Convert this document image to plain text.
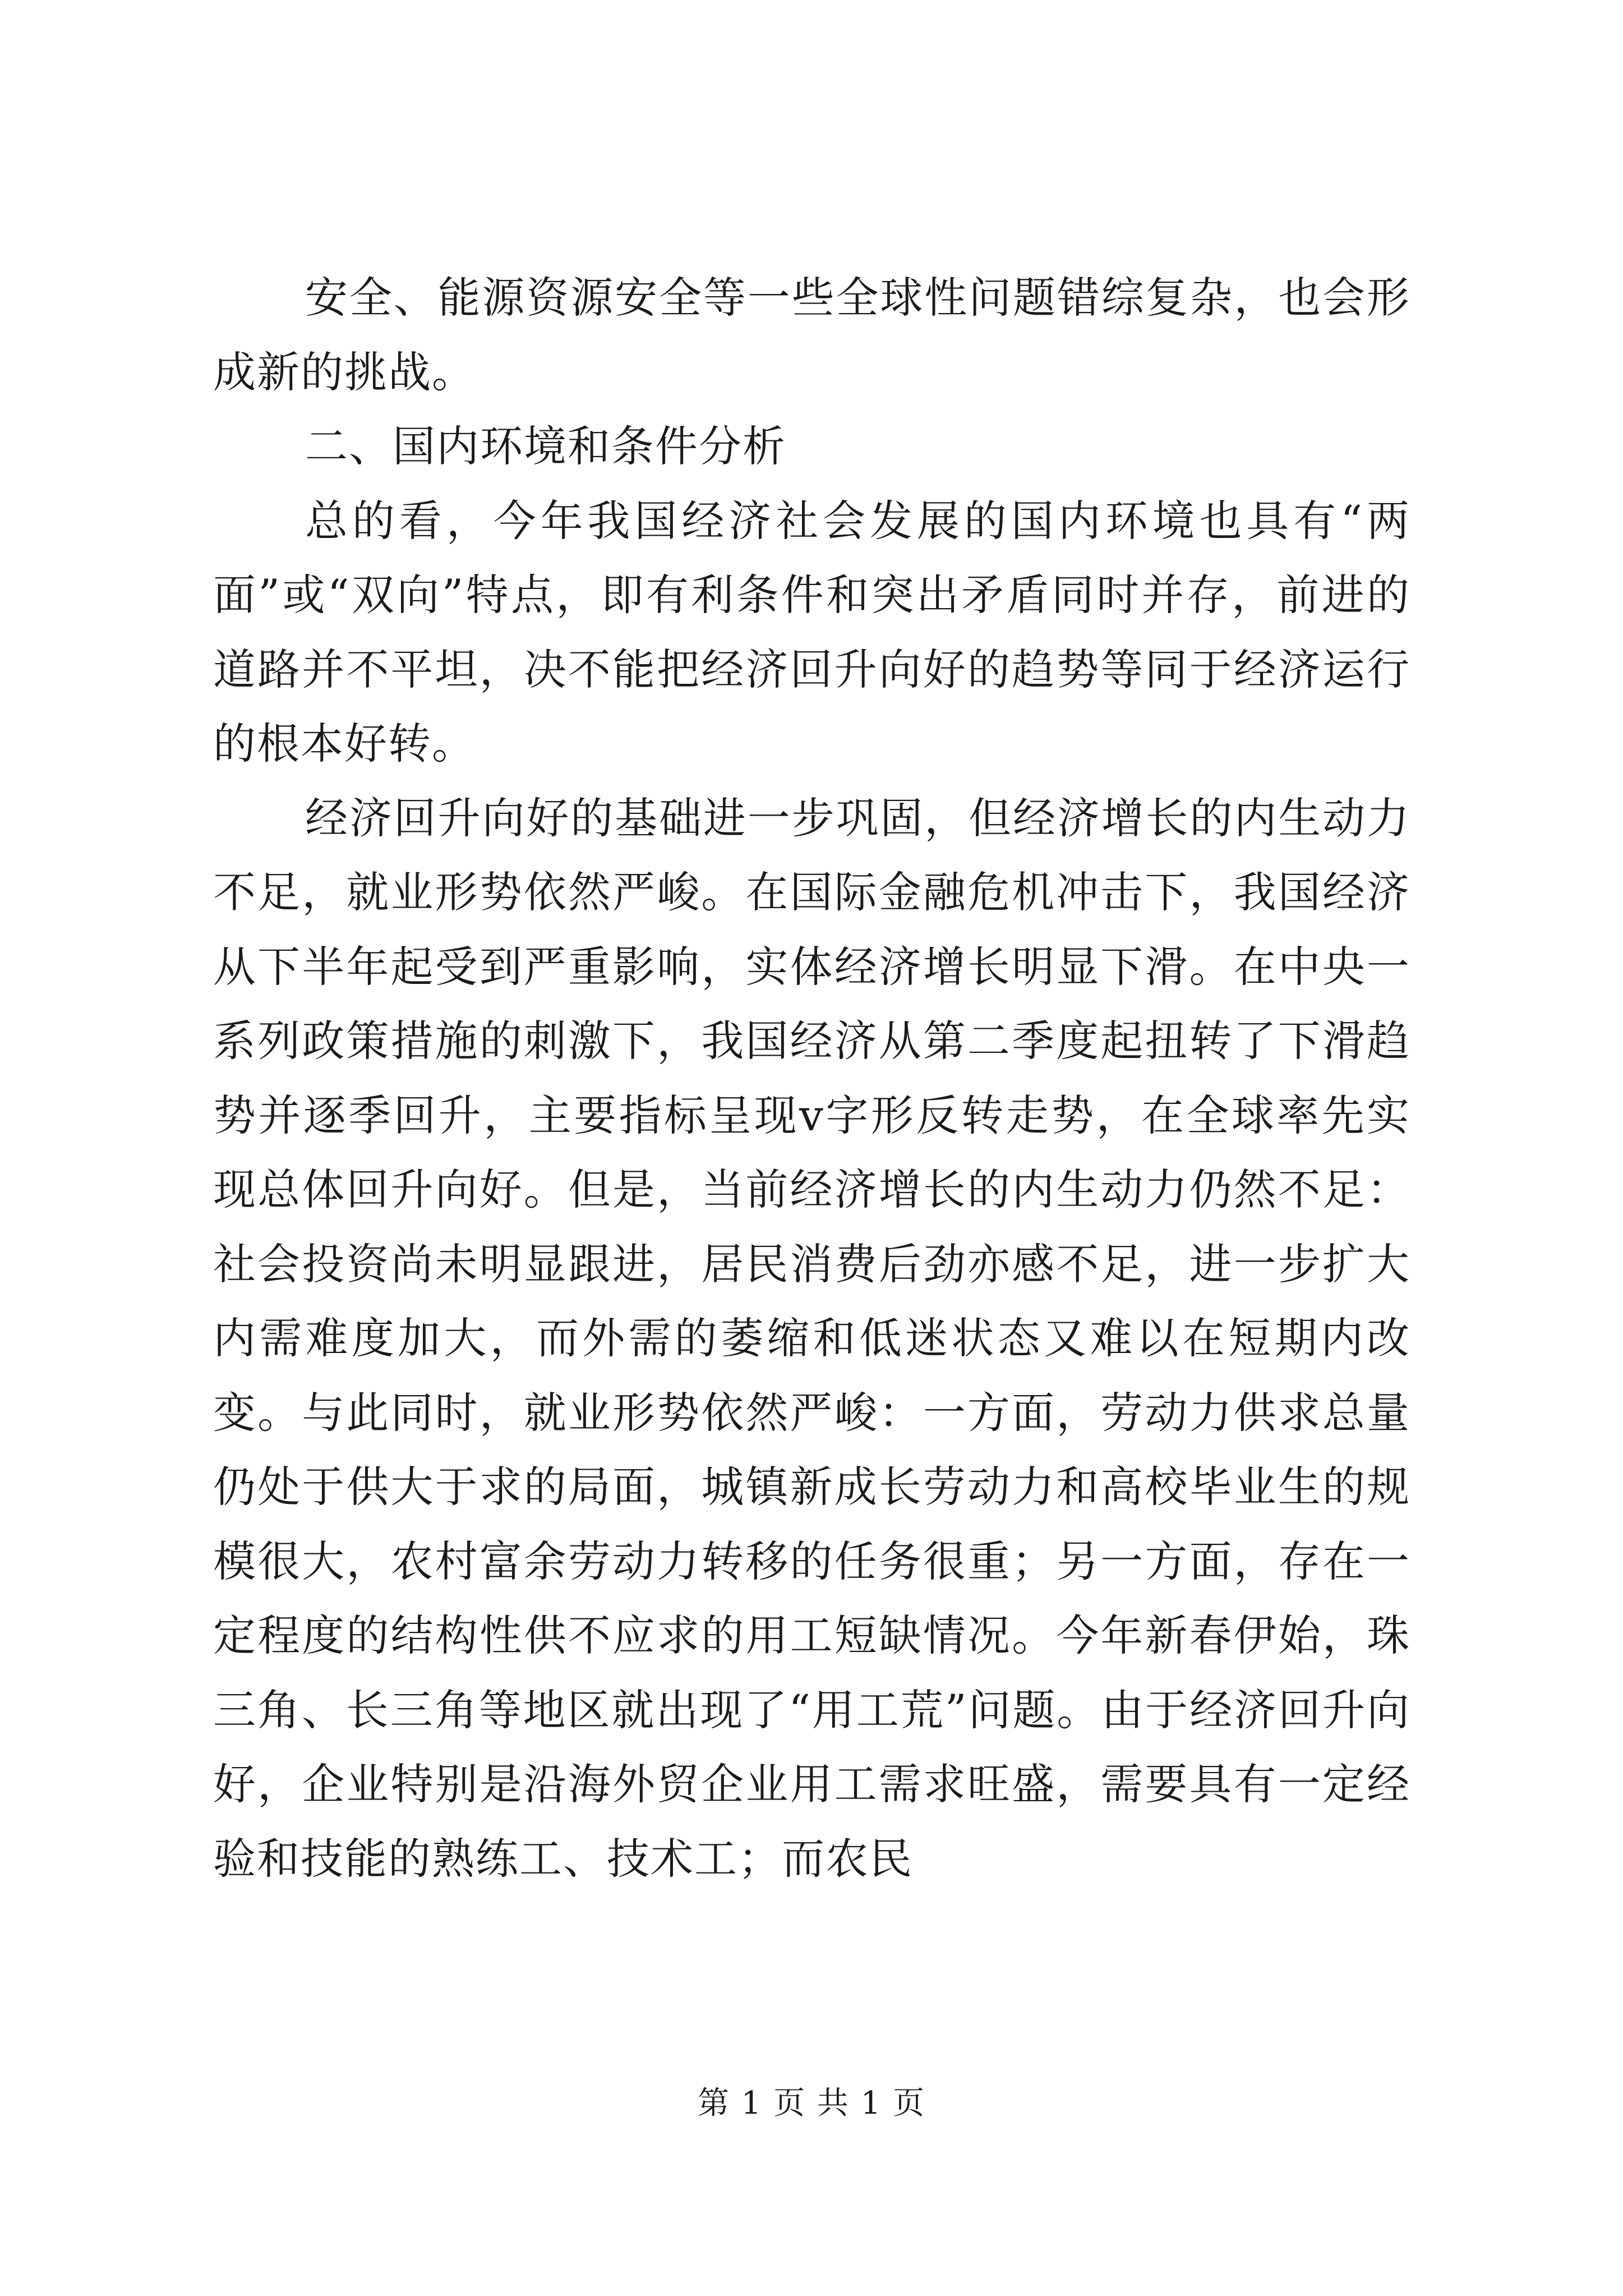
安全、能源资源安全等一些全球性问题错综复杂，也会形成新的挑战。

二、国内环境和条件分析

总的看，今年我国经济社会发展的国内环境也具有“两面”或“双向”特点，即有利条件和突出矛盾同时并存，前进的道路并不平坦，决不能把经济回升向好的趋势等同于经济运行的根本好转。

经济回升向好的基础进一步巩固，但经济增长的内生动力不足，就业形势依然严峻。在国际金融危机冲击下，我国经济从下半年起受到严重影响，实体经济增长明显下滑。在中央一系列政策措施的刺激下，我国经济从第二季度起扭转了下滑趋势并逐季回升，主要指标呈现v字形反转走势，在全球率先实现总体回升向好。但是，当前经济增长的内生动力仍然不足：社会投资尚未明显跟进，居民消费后劲亦感不足，进一步扩大内需难度加大，而外需的萎缩和低迷状态又难以在短期内改变。与此同时，就业形势依然严峻：一方面，劳动力供求总量仍处于供大于求的局面，城镇新成长劳动力和高校毕业生的规模很大，农村富余劳动力转移的任务很重；另一方面，存在一定程度的结构性供不应求的用工短缺情况。今年新春伊始，珠三角、长三角等地区就出现了“用工荒”问题。由于经济回升向好，企业特别是沿海外贸企业用工需求旺盛，需要具有一定经验和技能的熟练工、技术工；而农民

第 1 页 共 1 页
